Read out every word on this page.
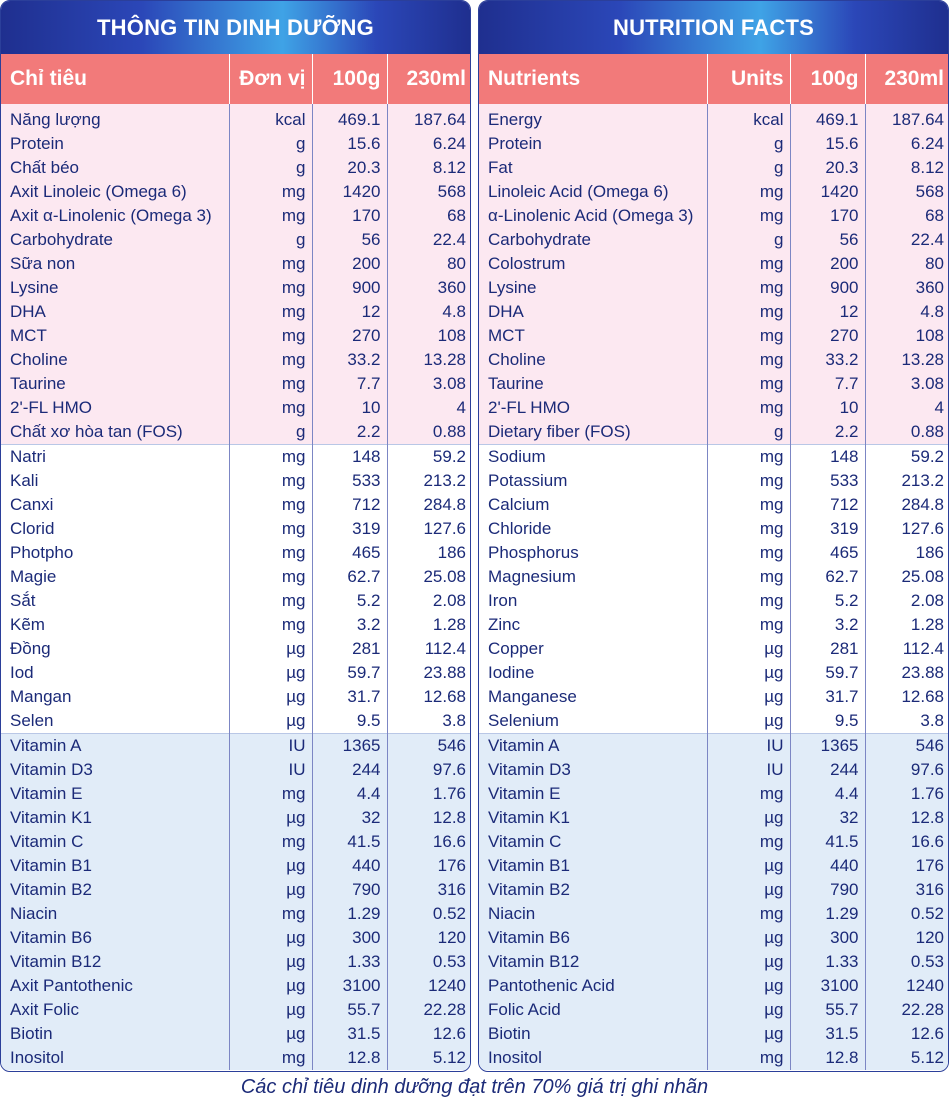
THÔNG TIN DINH DƯỠNG
Chỉ tiêu	Đơn vị	100g	230ml
Năng lượng	kcal	469.1	187.64
Protein	g	15.6	6.24
Chất béo	g	20.3	8.12
Axit Linoleic (Omega 6)	mg	1420	568
Axit α-Linolenic (Omega 3)	mg	170	68
Carbohydrate	g	56	22.4
Sữa non	mg	200	80
Lysine	mg	900	360
DHA	mg	12	4.8
MCT	mg	270	108
Choline	mg	33.2	13.28
Taurine	mg	7.7	3.08
2'-FL HMO	mg	10	4
Chất xơ hòa tan (FOS)	g	2.2	0.88
Natri	mg	148	59.2
Kali	mg	533	213.2
Canxi	mg	712	284.8
Clorid	mg	319	127.6
Photpho	mg	465	186
Magie	mg	62.7	25.08
Sắt	mg	5.2	2.08
Kẽm	mg	3.2	1.28
Đồng	µg	281	112.4
Iod	µg	59.7	23.88
Mangan	µg	31.7	12.68
Selen	µg	9.5	3.8
Vitamin A	IU	1365	546
Vitamin D3	IU	244	97.6
Vitamin E	mg	4.4	1.76
Vitamin K1	µg	32	12.8
Vitamin C	mg	41.5	16.6
Vitamin B1	µg	440	176
Vitamin B2	µg	790	316
Niacin	mg	1.29	0.52
Vitamin B6	µg	300	120
Vitamin B12	µg	1.33	0.53
Axit Pantothenic	µg	3100	1240
Axit Folic	µg	55.7	22.28
Biotin	µg	31.5	12.6
Inositol	mg	12.8	5.12
NUTRITION FACTS
Nutrients	Units	100g	230ml
Energy	kcal	469.1	187.64
Protein	g	15.6	6.24
Fat	g	20.3	8.12
Linoleic Acid (Omega 6)	mg	1420	568
α-Linolenic Acid (Omega 3)	mg	170	68
Carbohydrate	g	56	22.4
Colostrum	mg	200	80
Lysine	mg	900	360
DHA	mg	12	4.8
MCT	mg	270	108
Choline	mg	33.2	13.28
Taurine	mg	7.7	3.08
2'-FL HMO	mg	10	4
Dietary fiber (FOS)	g	2.2	0.88
Sodium	mg	148	59.2
Potassium	mg	533	213.2
Calcium	mg	712	284.8
Chloride	mg	319	127.6
Phosphorus	mg	465	186
Magnesium	mg	62.7	25.08
Iron	mg	5.2	2.08
Zinc	mg	3.2	1.28
Copper	µg	281	112.4
Iodine	µg	59.7	23.88
Manganese	µg	31.7	12.68
Selenium	µg	9.5	3.8
Vitamin A	IU	1365	546
Vitamin D3	IU	244	97.6
Vitamin E	mg	4.4	1.76
Vitamin K1	µg	32	12.8
Vitamin C	mg	41.5	16.6
Vitamin B1	µg	440	176
Vitamin B2	µg	790	316
Niacin	mg	1.29	0.52
Vitamin B6	µg	300	120
Vitamin B12	µg	1.33	0.53
Pantothenic Acid	µg	3100	1240
Folic Acid	µg	55.7	22.28
Biotin	µg	31.5	12.6
Inositol	mg	12.8	5.12
Các chỉ tiêu dinh dưỡng đạt trên 70% giá trị ghi nhãn
